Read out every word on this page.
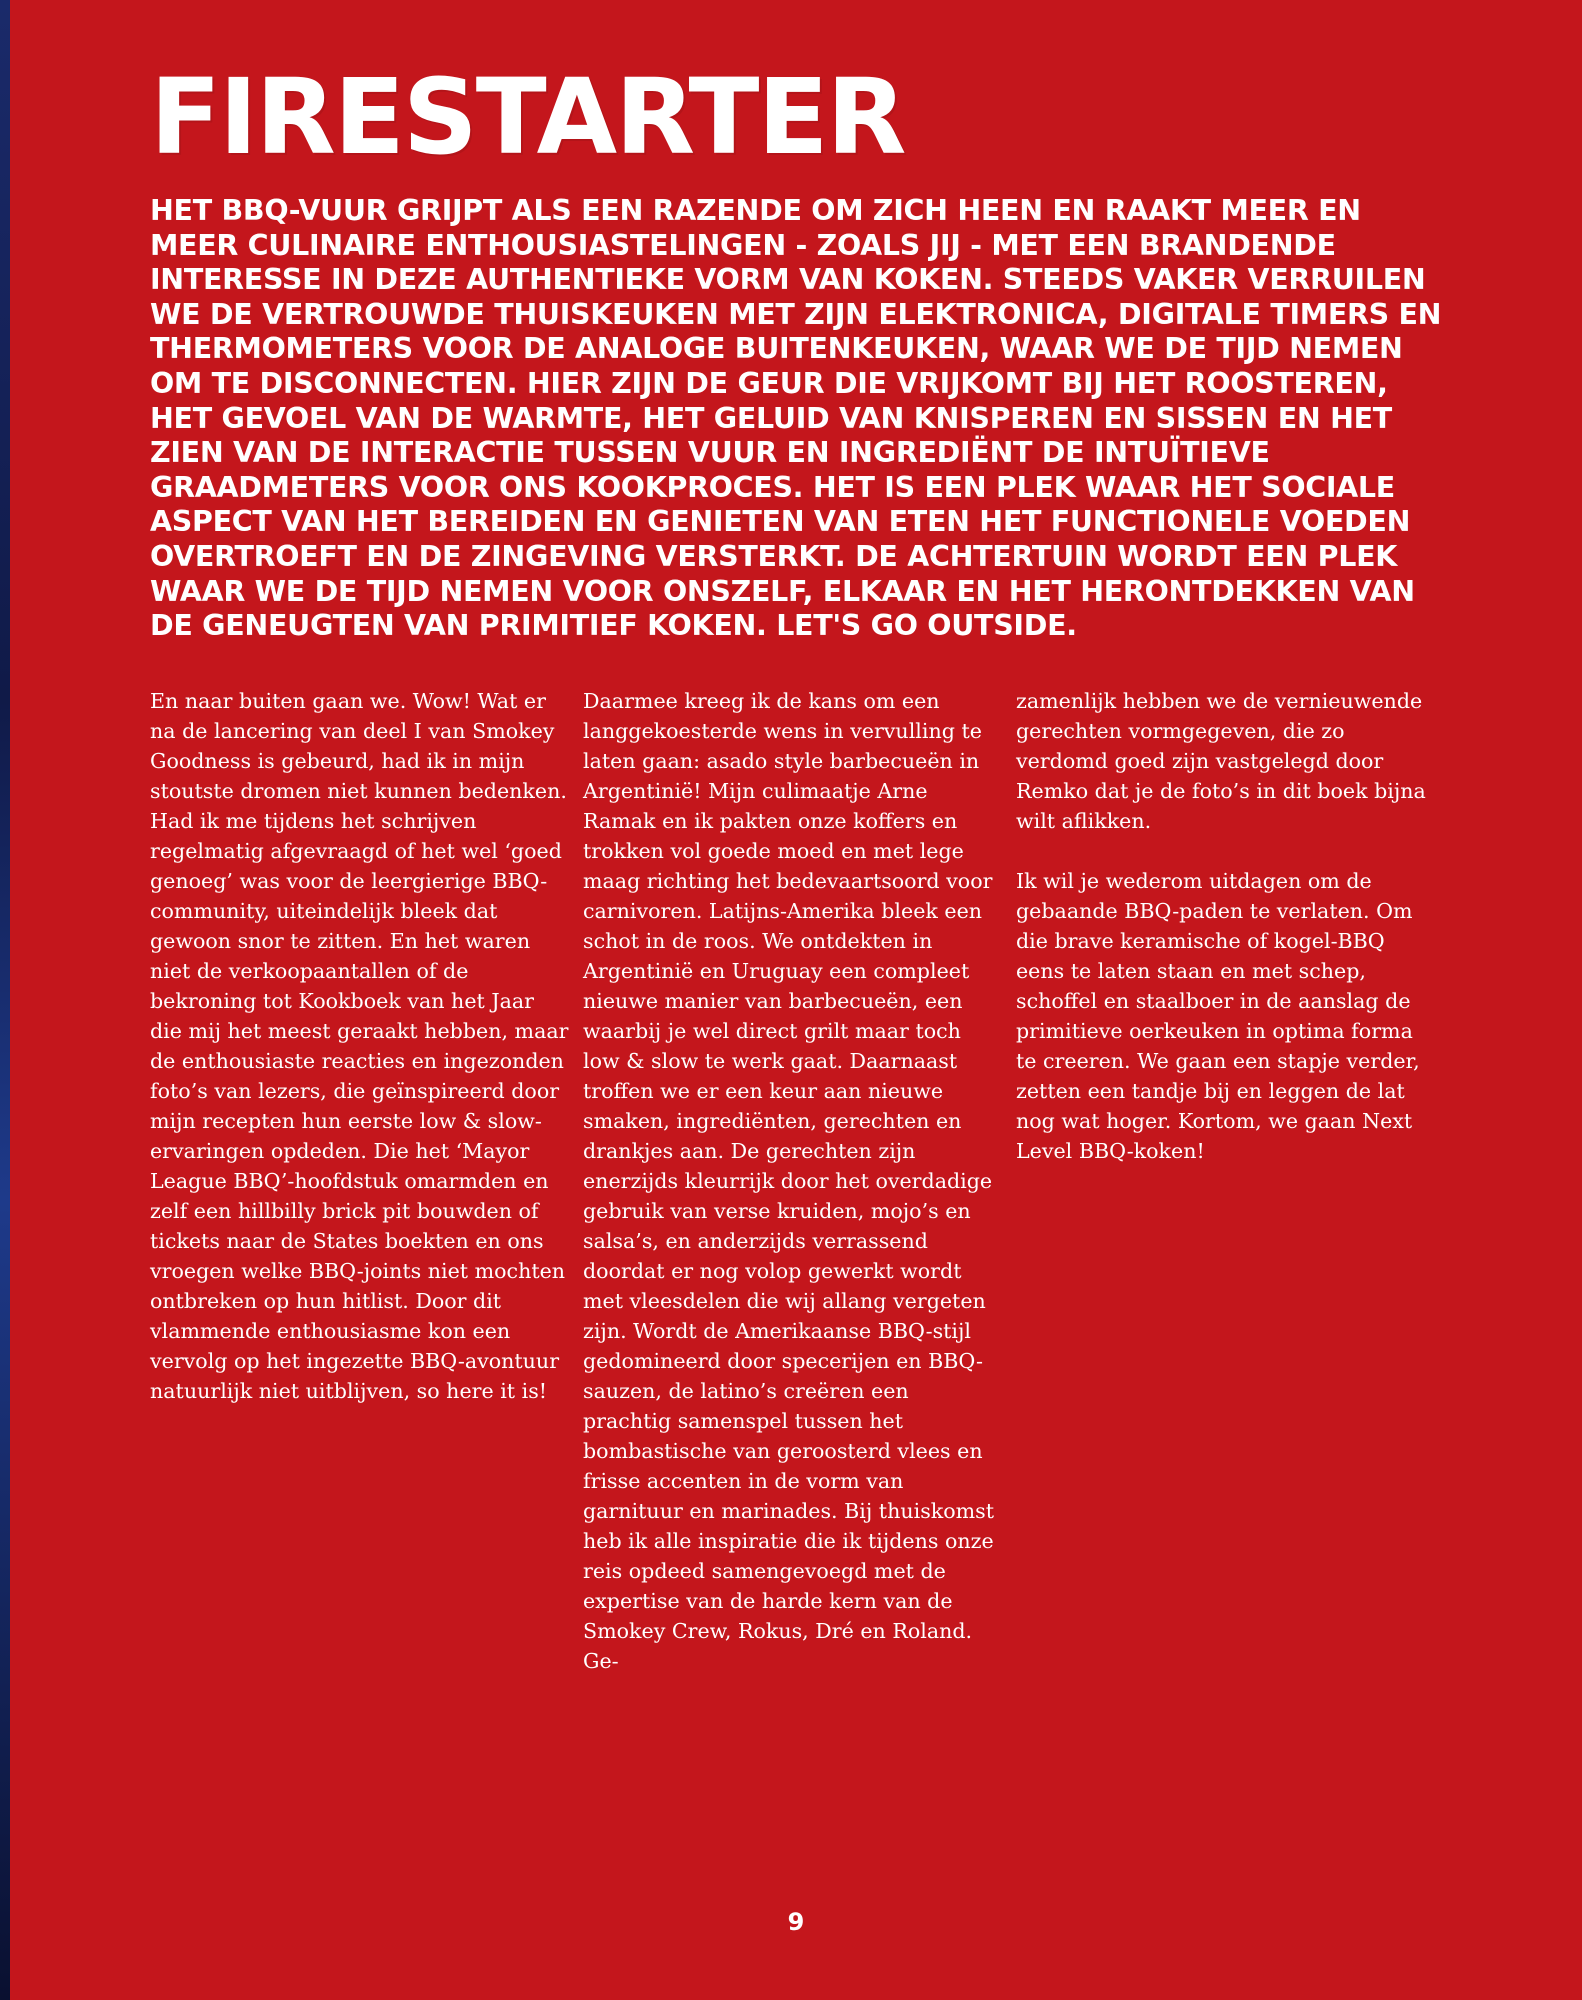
FIRESTARTER

HET BBQ-VUUR GRIJPT ALS EEN RAZENDE OM ZICH HEEN EN RAAKT MEER EN MEER CULINAIRE ENTHOUSIASTELINGEN - ZOALS JIJ - MET EEN BRANDENDE INTERESSE IN DEZE AUTHENTIEKE VORM VAN KOKEN. STEEDS VAKER VERRUILEN WE DE VERTROUWDE THUISKEUKEN MET ZIJN ELEKTRONICA, DIGITALE TIMERS EN THERMOMETERS VOOR DE ANALOGE BUITENKEUKEN, WAAR WE DE TIJD NEMEN OM TE DISCONNECTEN. HIER ZIJN DE GEUR DIE VRIJKOMT BIJ HET ROOSTEREN, HET GEVOEL VAN DE WARMTE, HET GELUID VAN KNISPEREN EN SISSEN EN HET ZIEN VAN DE INTERACTIE TUSSEN VUUR EN INGREDIËNT DE INTUÏTIEVE GRAADMETERS VOOR ONS KOOKPROCES. HET IS EEN PLEK WAAR HET SOCIALE ASPECT VAN HET BEREIDEN EN GENIETEN VAN ETEN HET FUNCTIONELE VOEDEN OVERTROEFT EN DE ZINGEVING VERSTERKT. DE ACHTERTUIN WORDT EEN PLEK WAAR WE DE TIJD NEMEN VOOR ONSZELF, ELKAAR EN HET HERONTDEKKEN VAN DE GENEUGTEN VAN PRIMITIEF KOKEN. LET'S GO OUTSIDE.

En naar buiten gaan we. Wow! Wat er na de lancering van deel I van Smokey Goodness is gebeurd, had ik in mijn stoutste dromen niet kunnen bedenken. Had ik me tijdens het schrijven regelmatig afgevraagd of het wel ‘goed genoeg’ was voor de leergierige BBQ-community, uiteindelijk bleek dat gewoon snor te zitten. En het waren niet de verkoopaantallen of de bekroning tot Kookboek van het Jaar die mij het meest geraakt hebben, maar de enthousiaste reacties en ingezonden foto’s van lezers, die geïnspireerd door mijn recepten hun eerste low & slow-ervaringen opdeden. Die het ‘Mayor League BBQ’-hoofdstuk omarmden en zelf een hillbilly brick pit bouwden of tickets naar de States boekten en ons vroegen welke BBQ-joints niet mochten ontbreken op hun hitlist. Door dit vlammende enthousiasme kon een vervolg op het ingezette BBQ-avontuur natuurlijk niet uitblijven, so here it is!

Daarmee kreeg ik de kans om een langgekoesterde wens in vervulling te laten gaan: asado style barbecueën in Argentinië! Mijn culimaatje Arne Ramak en ik pakten onze koffers en trokken vol goede moed en met lege maag richting het bedevaartsoord voor carnivoren. Latijns-Amerika bleek een schot in de roos. We ontdekten in Argentinië en Uruguay een compleet nieuwe manier van barbecueën, een waarbij je wel direct grilt maar toch low & slow te werk gaat. Daarnaast troffen we er een keur aan nieuwe smaken, ingrediënten, gerechten en drankjes aan. De gerechten zijn enerzijds kleurrijk door het overdadige gebruik van verse kruiden, mojo’s en salsa’s, en anderzijds verrassend doordat er nog volop gewerkt wordt met vleesdelen die wij allang vergeten zijn. Wordt de Amerikaanse BBQ-stijl gedomineerd door specerijen en BBQ-sauzen, de latino’s creëren een prachtig samenspel tussen het bombastische van geroosterd vlees en frisse accenten in de vorm van garnituur en marinades. Bij thuiskomst heb ik alle inspiratie die ik tijdens onze reis opdeed samengevoegd met de expertise van de harde kern van de Smokey Crew, Rokus, Dré en Roland. Ge-

zamenlijk hebben we de vernieuwende gerechten vormgegeven, die zo verdomd goed zijn vastgelegd door Remko dat je de foto’s in dit boek bijna wilt aflikken.

Ik wil je wederom uitdagen om de gebaande BBQ-paden te verlaten. Om die brave keramische of kogel-BBQ eens te laten staan en met schep, schoffel en staalboer in de aanslag de primitieve oerkeuken in optima forma te creeren. We gaan een stapje verder, zetten een tandje bij en leggen de lat nog wat hoger. Kortom, we gaan Next Level BBQ-koken!

9
